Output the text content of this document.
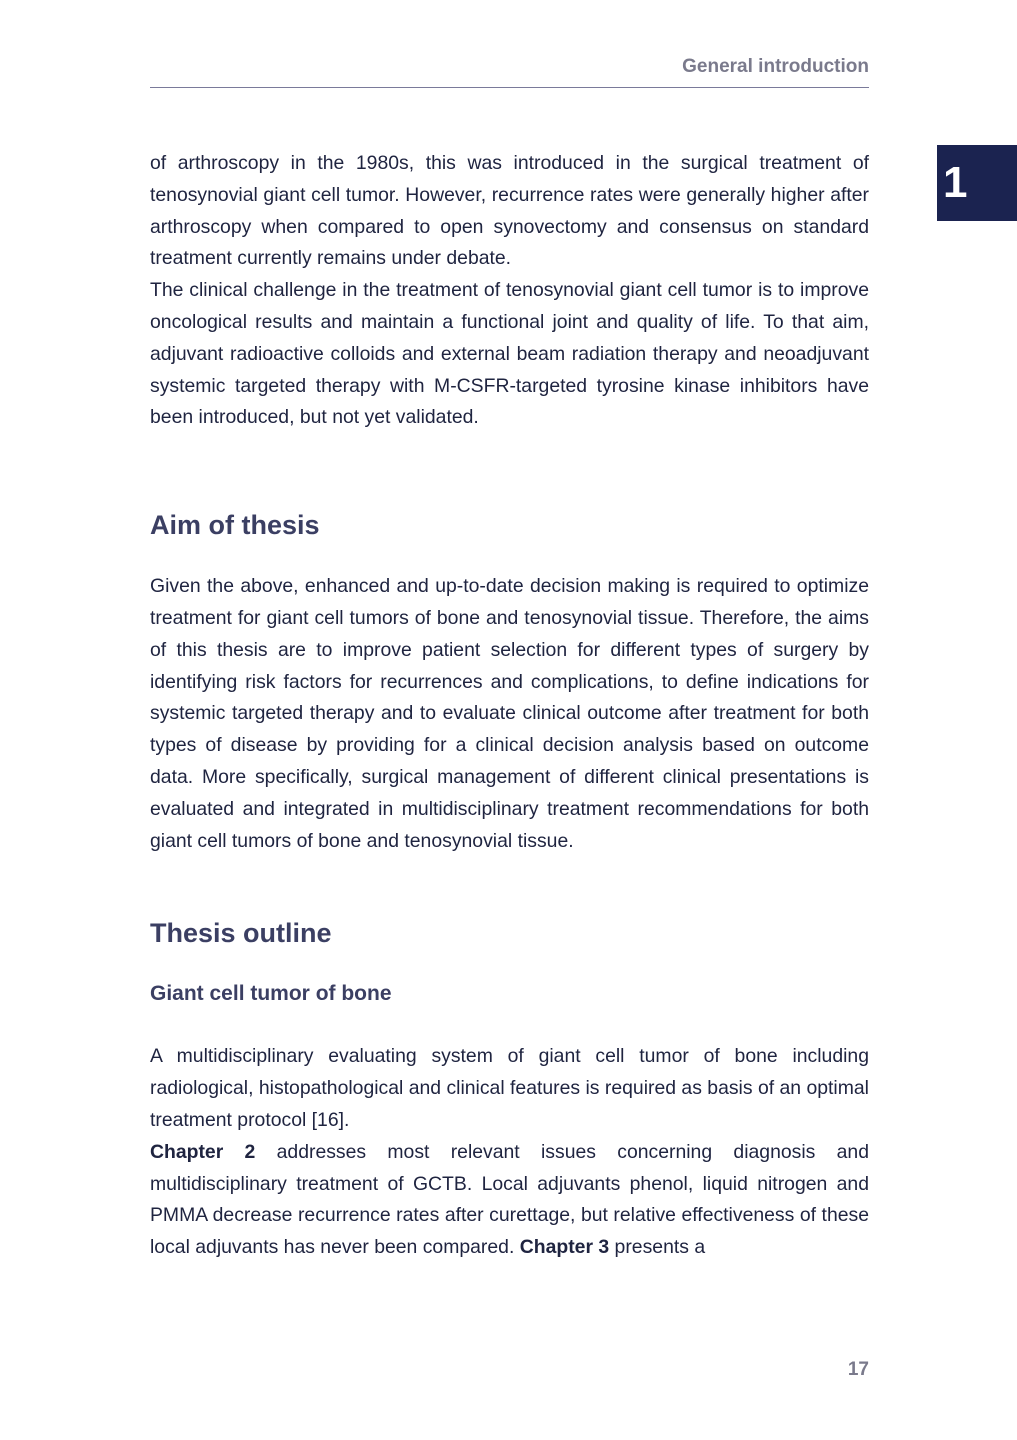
General introduction
1

of arthroscopy in the 1980s, this was introduced in the surgical treatment of tenosynovial giant cell tumor. However, recurrence rates were generally higher after arthroscopy when compared to open synovectomy and consensus on standard treatment currently remains under debate.

The clinical challenge in the treatment of tenosynovial giant cell tumor is to improve oncological results and maintain a functional joint and quality of life. To that aim, adjuvant radioactive colloids and external beam radiation therapy and neoadjuvant systemic targeted therapy with M-CSFR-targeted tyrosine kinase inhibitors have been introduced, but not yet validated.

Aim of thesis

Given the above, enhanced and up-to-date decision making is required to optimize treatment for giant cell tumors of bone and tenosynovial tissue. Therefore, the aims of this thesis are to improve patient selection for different types of surgery by identifying risk factors for recurrences and complications, to define indications for systemic targeted therapy and to evaluate clinical outcome after treatment for both types of disease by providing for a clinical decision analysis based on outcome data. More specifically, surgical management of different clinical presentations is evaluated and integrated in multidisciplinary treatment recommendations for both giant cell tumors of bone and tenosynovial tissue.

Thesis outline
Giant cell tumor of bone

A multidisciplinary evaluating system of giant cell tumor of bone including radiological, histopathological and clinical features is required as basis of an optimal treatment protocol [16].

Chapter 2 addresses most relevant issues concerning diagnosis and multidisciplinary treatment of GCTB. Local adjuvants phenol, liquid nitrogen and PMMA decrease recurrence rates after curettage, but relative effectiveness of these local adjuvants has never been compared. Chapter 3 presents a

17
